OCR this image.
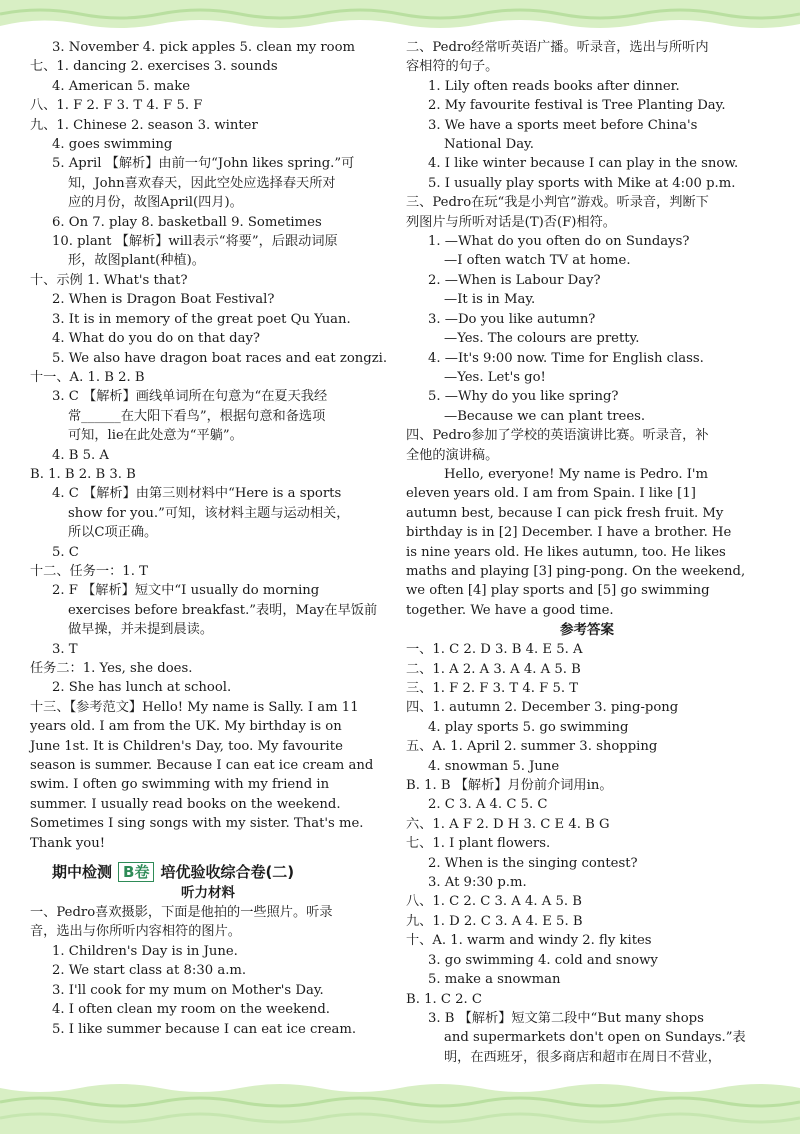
3. November 4. pick apples 5. clean my room
七、1. dancing 2. exercises 3. sounds
4. American 5. make
八、1. F 2. F 3. T 4. F 5. F
九、1. Chinese 2. season 3. winter
4. goes swimming
5. April 【解析】由前一句“John likes spring.”可
知，John喜欢春天，因此空处应选择春天所对
应的月份，故图April(四月)。
6. On 7. play 8. basketball 9. Sometimes
10. plant 【解析】will表示“将要”，后跟动词原
形，故图plant(种植)。
十、示例 1. What's that?
2. When is Dragon Boat Festival?
3. It is in memory of the great poet Qu Yuan.
4. What do you do on that day?
5. We also have dragon boat races and eat zongzi.
十一、A. 1. B 2. B
3. C 【解析】画线单词所在句意为“在夏天我经
常______在大阳下看鸟”，根据句意和备选项
可知，lie在此处意为“平躺”。
4. B 5. A
B. 1. B 2. B 3. B
4. C 【解析】由第三则材料中“Here is a sports
show for you.”可知，该材料主题与运动相关，
所以C项正确。
5. C
十二、任务一：1. T
2. F 【解析】短文中“I usually do morning
exercises before breakfast.”表明，May在早饭前
做早操，并未提到晨读。
3. T
任务二：1. Yes, she does.
2. She has lunch at school.
十三、【参考范文】Hello! My name is Sally. I am 11
years old. I am from the UK. My birthday is on
June 1st. It is Children's Day, too. My favourite
season is summer. Because I can eat ice cream and
swim. I often go swimming with my friend in
summer. I usually read books on the weekend.
Sometimes I sing songs with my sister. That's me.
Thank you!
期中检测 B卷 培优验收综合卷(二)
听力材料
一、Pedro喜欢摄影，下面是他拍的一些照片。听录
音，选出与你所听内容相符的图片。
1. Children's Day is in June.
2. We start class at 8:30 a.m.
3. I'll cook for my mum on Mother's Day.
4. I often clean my room on the weekend.
5. I like summer because I can eat ice cream.
二、Pedro经常听英语广播。听录音，选出与所听内
容相符的句子。
1. Lily often reads books after dinner.
2. My favourite festival is Tree Planting Day.
3. We have a sports meet before China's
National Day.
4. I like winter because I can play in the snow.
5. I usually play sports with Mike at 4:00 p.m.
三、Pedro在玩“我是小判官”游戏。听录音，判断下
列图片与所听对话是(T)否(F)相符。
1. —What do you often do on Sundays?
—I often watch TV at home.
2. —When is Labour Day?
—It is in May.
3. —Do you like autumn?
—Yes. The colours are pretty.
4. —It's 9:00 now. Time for English class.
—Yes. Let's go!
5. —Why do you like spring?
—Because we can plant trees.
四、Pedro参加了学校的英语演讲比赛。听录音，补
全他的演讲稿。
Hello, everyone! My name is Pedro. I'm
eleven years old. I am from Spain. I like [1]
autumn best, because I can pick fresh fruit. My
birthday is in [2] December. I have a brother. He
is nine years old. He likes autumn, too. He likes
maths and playing [3] ping-pong. On the weekend,
we often [4] play sports and [5] go swimming
together. We have a good time.
参考答案
一、1. C 2. D 3. B 4. E 5. A
二、1. A 2. A 3. A 4. A 5. B
三、1. F 2. F 3. T 4. F 5. T
四、1. autumn 2. December 3. ping-pong
4. play sports 5. go swimming
五、A. 1. April 2. summer 3. shopping
4. snowman 5. June
B. 1. B 【解析】月份前介词用in。
2. C 3. A 4. C 5. C
六、1. A F 2. D H 3. C E 4. B G
七、1. I plant flowers.
2. When is the singing contest?
3. At 9:30 p.m.
八、1. C 2. C 3. A 4. A 5. B
九、1. D 2. C 3. A 4. E 5. B
十、A. 1. warm and windy 2. fly kites
3. go swimming 4. cold and snowy
5. make a snowman
B. 1. C 2. C
3. B 【解析】短文第二段中“But many shops
and supermarkets don't open on Sundays.”表
明，在西班牙，很多商店和超市在周日不营业，
